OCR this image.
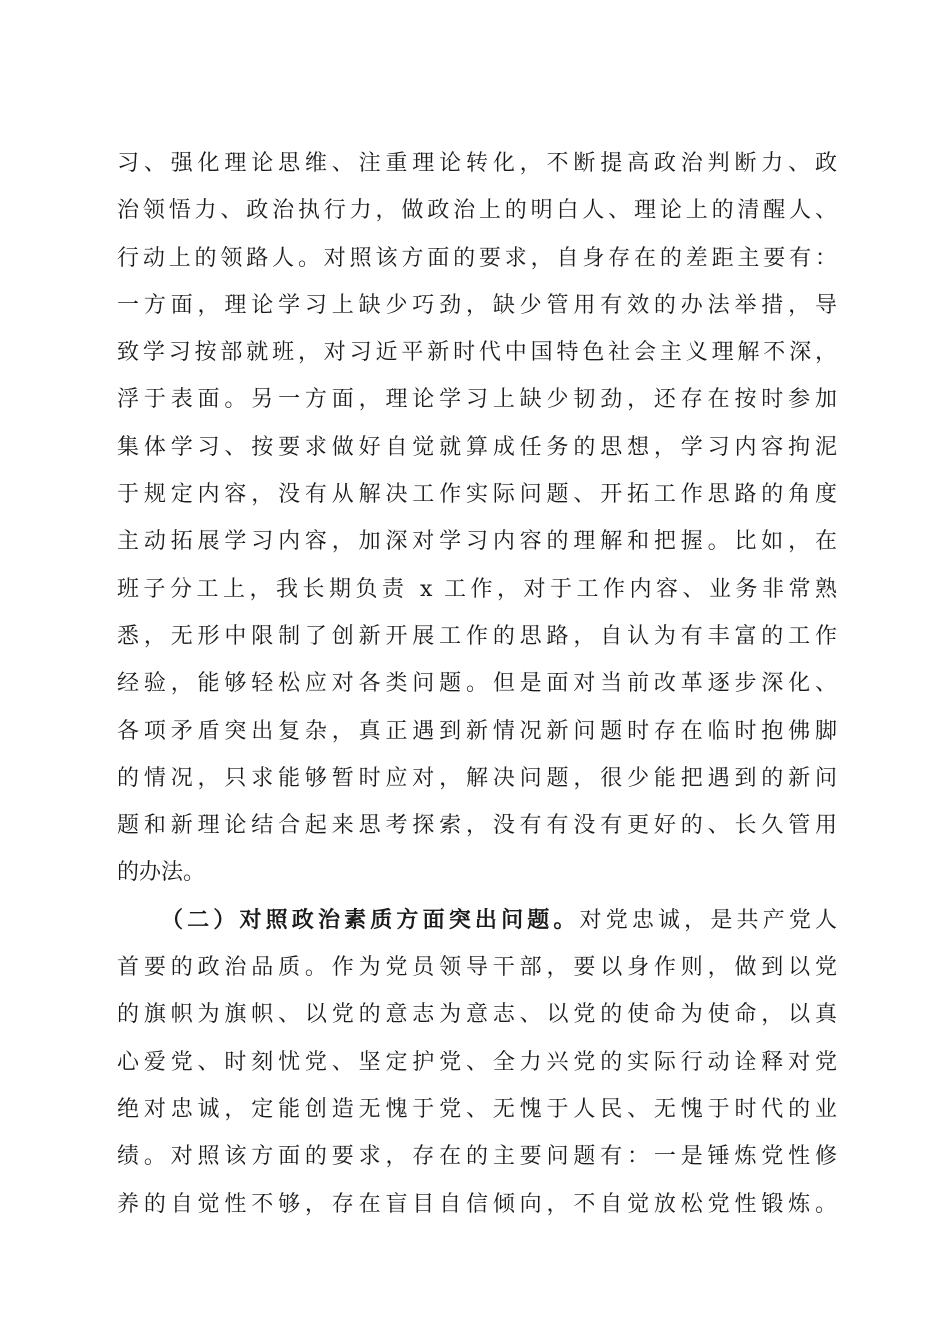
习、强化理论思维、注重理论转化，不断提高政治判断力、政
治领悟力、政治执行力，做政治上的明白人、理论上的清醒人、
行动上的领路人。对照该方面的要求，自身存在的差距主要有：
一方面，理论学习上缺少巧劲，缺少管用有效的办法举措，导
致学习按部就班，对习近平新时代中国特色社会主义理解不深，
浮于表面。另一方面，理论学习上缺少韧劲，还存在按时参加
集体学习、按要求做好自觉就算成任务的思想，学习内容拘泥
于规定内容，没有从解决工作实际问题、开拓工作思路的角度
主动拓展学习内容，加深对学习内容的理解和把握。比如，在
班子分工上，我长期负责 x 工作，对于工作内容、业务非常熟
悉，无形中限制了创新开展工作的思路，自认为有丰富的工作
经验，能够轻松应对各类问题。但是面对当前改革逐步深化、
各项矛盾突出复杂，真正遇到新情况新问题时存在临时抱佛脚
的情况，只求能够暂时应对，解决问题，很少能把遇到的新问
题和新理论结合起来思考探索，没有有没有更好的、长久管用
的办法。
（二）对照政治素质方面突出问题。对党忠诚，是共产党人
首要的政治品质。作为党员领导干部，要以身作则，做到以党
的旗帜为旗帜、以党的意志为意志、以党的使命为使命，以真
心爱党、时刻忧党、坚定护党、全力兴党的实际行动诠释对党
绝对忠诚，定能创造无愧于党、无愧于人民、无愧于时代的业
绩。对照该方面的要求，存在的主要问题有：一是锤炼党性修
养的自觉性不够，存在盲目自信倾向，不自觉放松党性锻炼。
